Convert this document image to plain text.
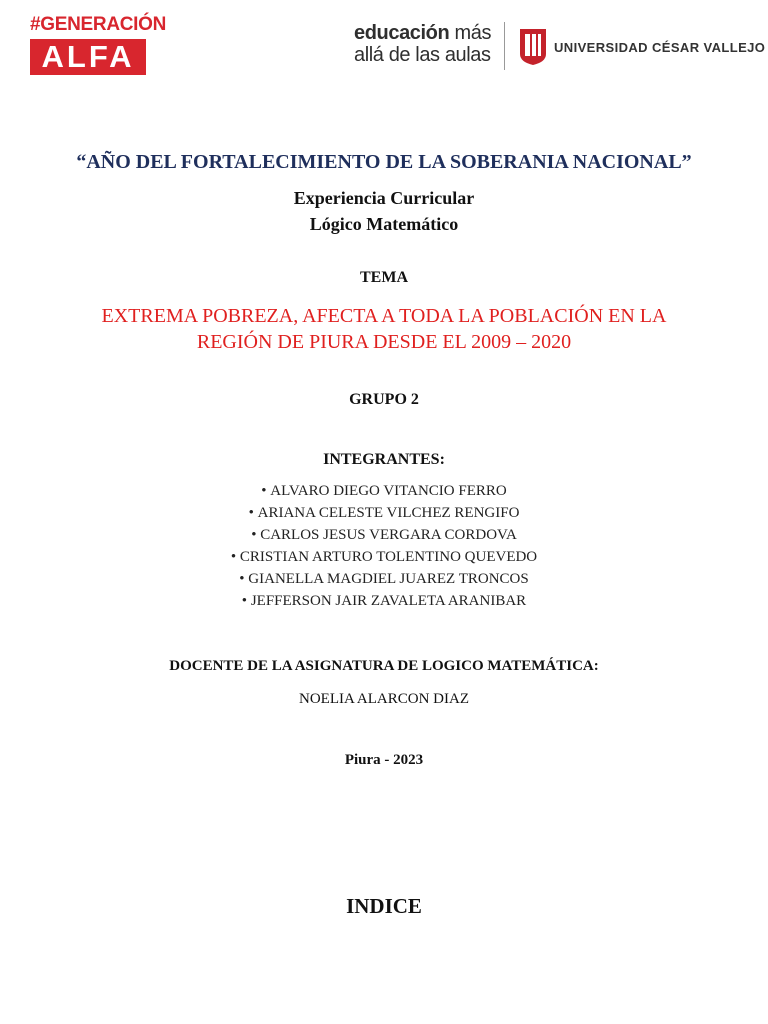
#GENERACIÓN
ALFA
educación más
allá de las aulas	UNIVERSIDAD CÉSAR VALLEJO
“AÑO DEL FORTALECIMIENTO DE LA SOBERANIA NACIONAL”
Experiencia Curricular
Lógico Matemático
TEMA
EXTREMA POBREZA, AFECTA A TODA LA POBLACIÓN EN LA
REGIÓN DE PIURA DESDE EL 2009 – 2020
GRUPO 2
INTEGRANTES:
• ALVARO DIEGO VITANCIO FERRO
• ARIANA CELESTE VILCHEZ RENGIFO
• CARLOS JESUS VERGARA CORDOVA
• CRISTIAN ARTURO TOLENTINO QUEVEDO
• GIANELLA MAGDIEL JUAREZ TRONCOS
• JEFFERSON JAIR ZAVALETA ARANIBAR
DOCENTE DE LA ASIGNATURA DE LOGICO MATEMÁTICA:
NOELIA ALARCON DIAZ
Piura - 2023
INDICE
